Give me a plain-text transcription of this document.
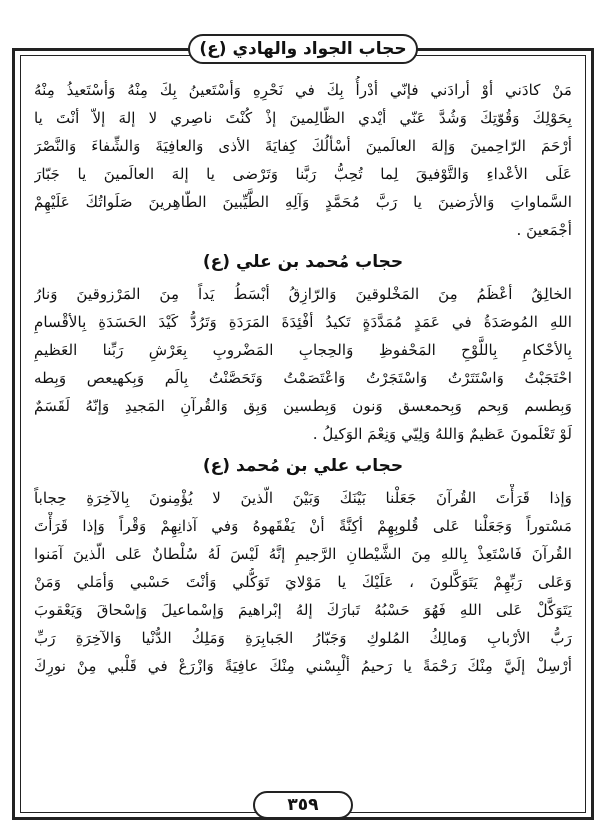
حجاب الجواد والهادي (ع)
مَنْ كادَني أوْ أرادَني فإنّي أدْرأُ بِكَ في نَحْرِهِ وَأسْتَعينُ بِكَ مِنْهُ وَأسْتَعيذُ مِنْهُ
بِحَوْلِكَ وَقُوّتِكَ وَشُدَّ عَنّي أيْدي الظّالِمينَ إذْ كُنْتَ ناصِري لا إلهَ إلاّ أنْتَ يا
أرْحَمَ الرّاحِمينَ وَإلهَ العالَمينَ أسْألُكَ كِفايَةَ الأذى وَالعافِيَةَ وَالشِّفاءَ وَالنَّصْرَ
عَلَى الأعْداءِ وَالتَّوْفيقَ لِما تُحِبُّ رَبَّنا وَتَرْضى يا إلهَ العالَمينَ يا جَبّارَ
السَّماواتِ وَالأرَضينَ يا رَبَّ مُحَمَّدٍ وَآلِهِ الطَّيِّبينَ الطّاهِرينَ صَلَواتُكَ عَلَيْهِمْ
أجْمَعينَ .
حجاب مُحمد بن علي (ع)
الخالِقُ أعْظَمُ مِنَ المَخْلوقينَ وَالرّازِقُ أبْسَطُ يَداً مِنَ المَرْزوقينَ وَنارُ
اللهِ المُوصَدَةُ في عَمَدٍ مُمَدَّدَةٍ تَكيدُ أفْئِدَةَ المَرَدَةِ وَتَرُدُّ كَيْدَ الحَسَدَةِ بِالأقْسامِ
بِالأحْكامِ بِاللَّوْحِ المَحْفوظِ وَالحِجابِ المَضْروبِ بِعَرْشِ رَبِّنا العَظيمِ
احْتَجَبْتُ وَاسْتَتَرْتُ وَاسْتَجَرْتُ وَاعْتَصَمْتُ وَتَحَصَّنْتُ بِالَم وَبِكهيعص وَبِطه
وَبِطسم وَبِحم وَبِحمعسق وَنون وَبِطسين وَبِق وَالقُرآنِ المَجيدِ وَإنّهُ لَقَسَمٌ
لَوْ تَعْلَمونَ عَظيمٌ وَاللهُ وَلِيّي وَنِعْمَ الوَكيلُ .
حجاب علي بن مُحمد (ع)
وَإذا قَرَأْتَ القُرآنَ جَعَلْنا بَيْنَكَ وَبَيْنَ الّذينَ لا يُؤْمِنونَ بِالآخِرَةِ حِجاباً
مَسْتوراً وَجَعَلْنا عَلى قُلوبِهِمْ أكِنَّةً أنْ يَفْقَهوهُ وَفي آذانِهِمْ وَقْراً وَإذا قَرَأْتَ
القُرآنَ فَاسْتَعِذْ بِاللهِ مِنَ الشَّيْطانِ الرَّجيمِ إنَّهُ لَيْسَ لَهُ سُلْطانٌ عَلى الّذينَ آمَنوا
وَعَلى رَبِّهِمْ يَتَوَكَّلونَ ، عَلَيْكَ يا مَوْلايَ تَوَكُّلي وَأنْتَ حَسْبي وَأمَلي وَمَنْ
يَتَوَكَّلْ عَلى اللهِ فَهُوَ حَسْبُهُ تَبارَكَ إلهُ إبْراهيمَ وَإسْماعيلَ وَإسْحاقَ وَيَعْقوبَ
رَبُّ الأرْبابِ وَمالِكُ المُلوكِ وَجَبّارُ الجَبابِرَةِ وَمَلِكُ الدُّنْيا وَالآخِرَةِ رَبِّ
أرْسِلْ إلَيَّ مِنْكَ رَحْمَةً يا رَحيمُ ألْبِسْني مِنْكَ عافِيَةً وَازْرَعْ في قَلْبي مِنْ نورِكَ
٣٥٩
